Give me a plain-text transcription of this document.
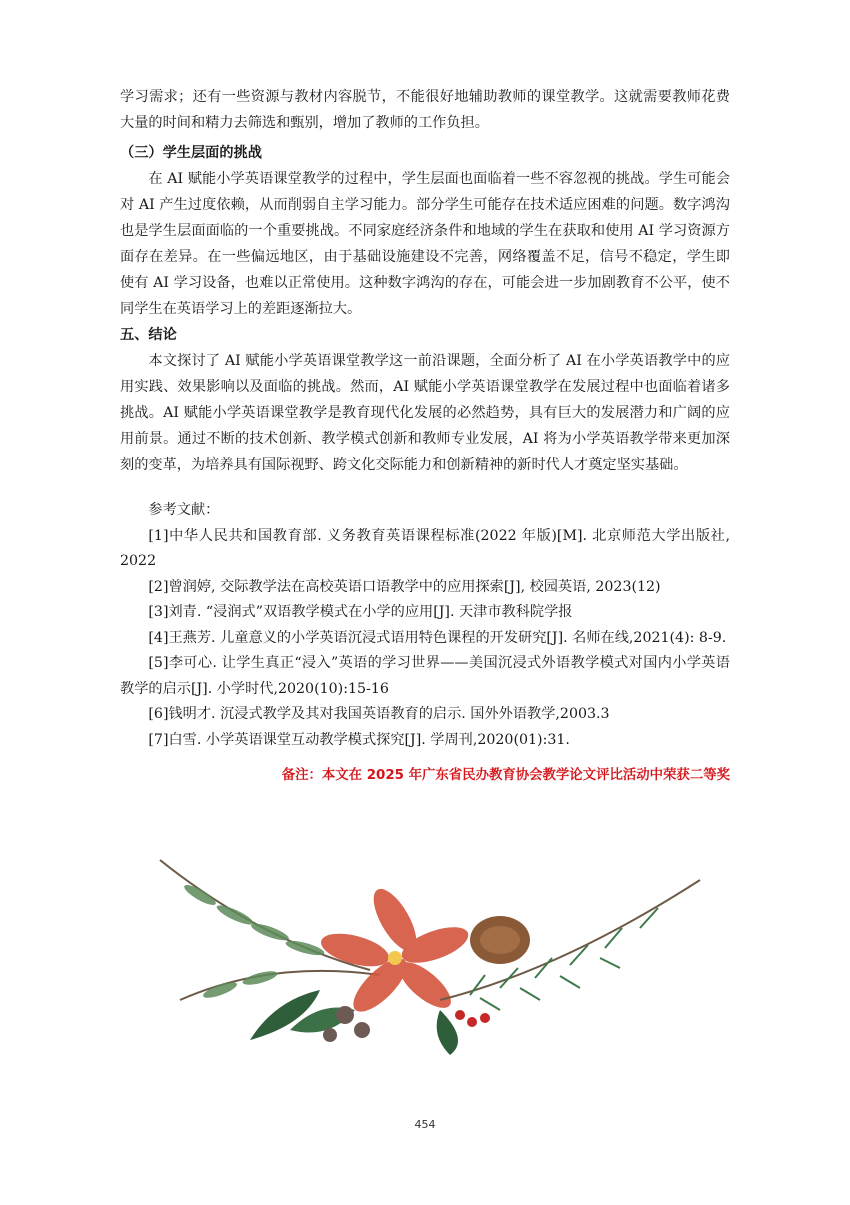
学习需求；还有一些资源与教材内容脱节，不能很好地辅助教师的课堂教学。这就需要教师花费大量的时间和精力去筛选和甄别，增加了教师的工作负担。

（三）学生层面的挑战

在 AI 赋能小学英语课堂教学的过程中，学生层面也面临着一些不容忽视的挑战。学生可能会对 AI 产生过度依赖，从而削弱自主学习能力。部分学生可能存在技术适应困难的问题。数字鸿沟也是学生层面面临的一个重要挑战。不同家庭经济条件和地域的学生在获取和使用 AI 学习资源方面存在差异。在一些偏远地区，由于基础设施建设不完善，网络覆盖不足，信号不稳定，学生即使有 AI 学习设备，也难以正常使用。这种数字鸿沟的存在，可能会进一步加剧教育不公平，使不同学生在英语学习上的差距逐渐拉大。

五、结论

本文探讨了 AI 赋能小学英语课堂教学这一前沿课题，全面分析了 AI 在小学英语教学中的应用实践、效果影响以及面临的挑战。然而，AI 赋能小学英语课堂教学在发展过程中也面临着诸多挑战。AI 赋能小学英语课堂教学是教育现代化发展的必然趋势，具有巨大的发展潜力和广阔的应用前景。通过不断的技术创新、教学模式创新和教师专业发展，AI 将为小学英语教学带来更加深刻的变革，为培养具有国际视野、跨文化交际能力和创新精神的新时代人才奠定坚实基础。

参考文献：

[1]中华人民共和国教育部. 义务教育英语课程标准(2022 年版)[M]. 北京师范大学出版社, 2022

[2]曾润婷, 交际教学法在高校英语口语教学中的应用探索[J], 校园英语, 2023(12)

[3]刘青. “浸润式”双语教学模式在小学的应用[J]. 天津市教科院学报

[4]王燕芳. 儿童意义的小学英语沉浸式语用特色课程的开发研究[J]. 名师在线,2021(4): 8-9.

[5]李可心. 让学生真正“浸入”英语的学习世界——美国沉浸式外语教学模式对国内小学英语教学的启示[J]. 小学时代,2020(10):15-16

[6]钱明才. 沉浸式教学及其对我国英语教育的启示. 国外外语教学,2003.3

[7]白雪. 小学英语课堂互动教学模式探究[J]. 学周刊,2020(01):31.

备注：本文在 2025 年广东省民办教育协会教学论文评比活动中荣获二等奖

454
